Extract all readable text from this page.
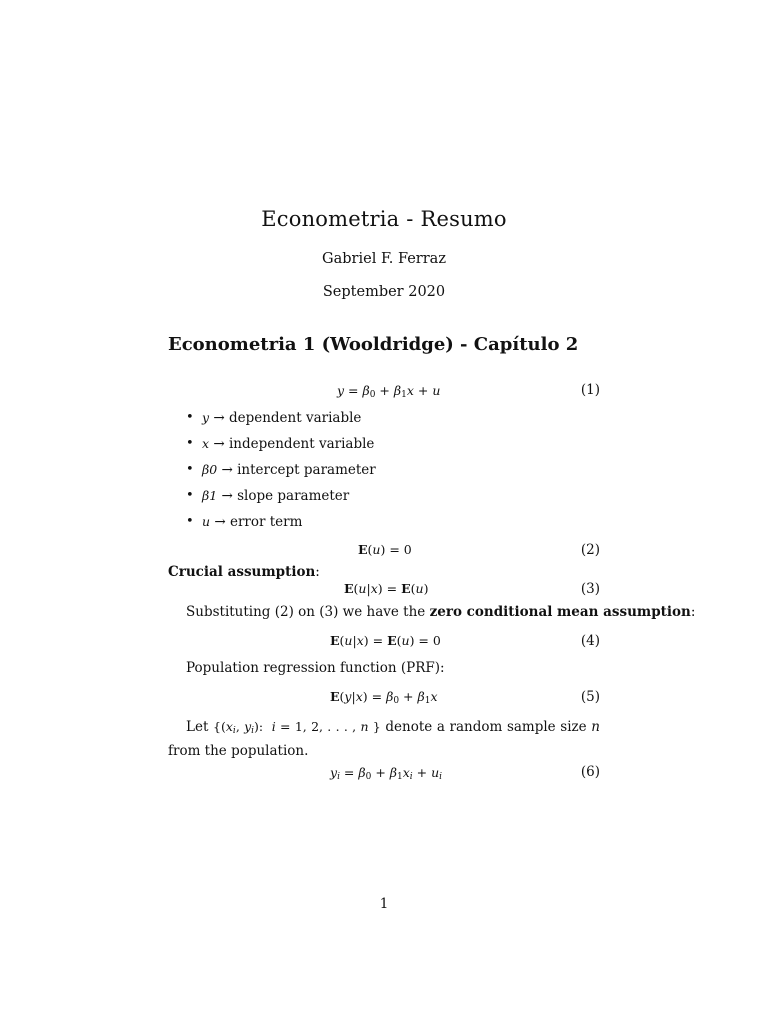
Econometria - Resumo
Gabriel F. Ferraz
September 2020
Econometria 1 (Wooldridge) - Capítulo 2
$y = \beta_0 + \beta_1x + u$	(1)
• y → dependent variable
• x → independent variable
• β0 → intercept parameter
• β1 → slope parameter
• u → error term
E(u) = 0	(2)
Crucial assumption:
E(u|x) = E(u)	(3)
Substituting (2) on (3) we have the zero conditional mean assumption:
E(u|x) = E(u) = 0	(4)
Population regression function (PRF):
$E(y|x) = \beta_0 + \beta_1x$	(5)
Let {($x_i$, $y_i$):  i = 1, 2, . . . , n } denote a random sample size n from the population.
$y_i = \beta_0 + \beta_1x_i + u_i$	(6)
1
